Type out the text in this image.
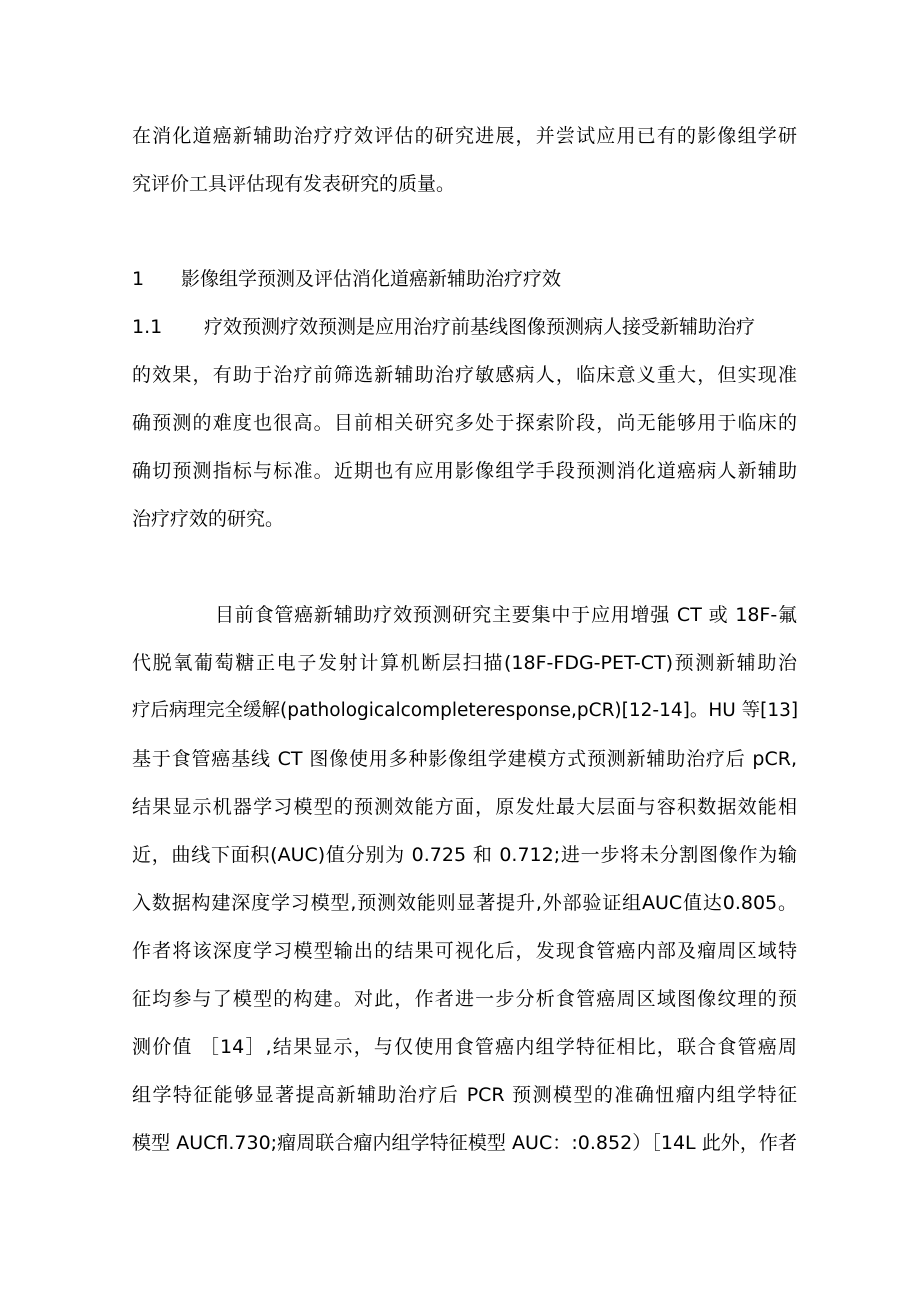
在消化道癌新辅助治疗疗效评估的研究进展，并尝试应用已有的影像组学研
究评价工具评估现有发表研究的质量。
1 影像组学预测及评估消化道癌新辅助治疗疗效
1.1 疗效预测疗效预测是应用治疗前基线图像预测病人接受新辅助治疗
的效果，有助于治疗前筛选新辅助治疗敏感病人，临床意义重大，但实现准
确预测的难度也很高。目前相关研究多处于探索阶段，尚无能够用于临床的
确切预测指标与标准。近期也有应用影像组学手段预测消化道癌病人新辅助
治疗疗效的研究。
目前食管癌新辅助疗效预测研究主要集中于应用增强 CT 或 18F-氟
代脱氧葡萄糖正电子发射计算机断层扫描(18F-FDG-PET-CT)预测新辅助治
疗后病理完全缓解(pathologicalcompleteresponse,pCR)[12-14]。HU 等[13]
基于食管癌基线 CT 图像使用多种影像组学建模方式预测新辅助治疗后 pCR,
结果显示机器学习模型的预测效能方面，原发灶最大层面与容积数据效能相
近，曲线下面积(AUC)值分别为 0.725 和 0.712;进一步将未分割图像作为输
入数据构建深度学习模型,预测效能则显著提升,外部验证组AUC值达0.805。
作者将该深度学习模型输出的结果可视化后，发现食管癌内部及瘤周区域特
征均参与了模型的构建。对此，作者进一步分析食管癌周区域图像纹理的预
测价值 ［14］,结果显示，与仅使用食管癌内组学特征相比，联合食管癌周
组学特征能够显著提高新辅助治疗后 PCR 预测模型的准确忸瘤内组学特征
模型 AUCfl.730;瘤周联合瘤内组学特征模型 AUC：:0.852）［14L 此外，作者
